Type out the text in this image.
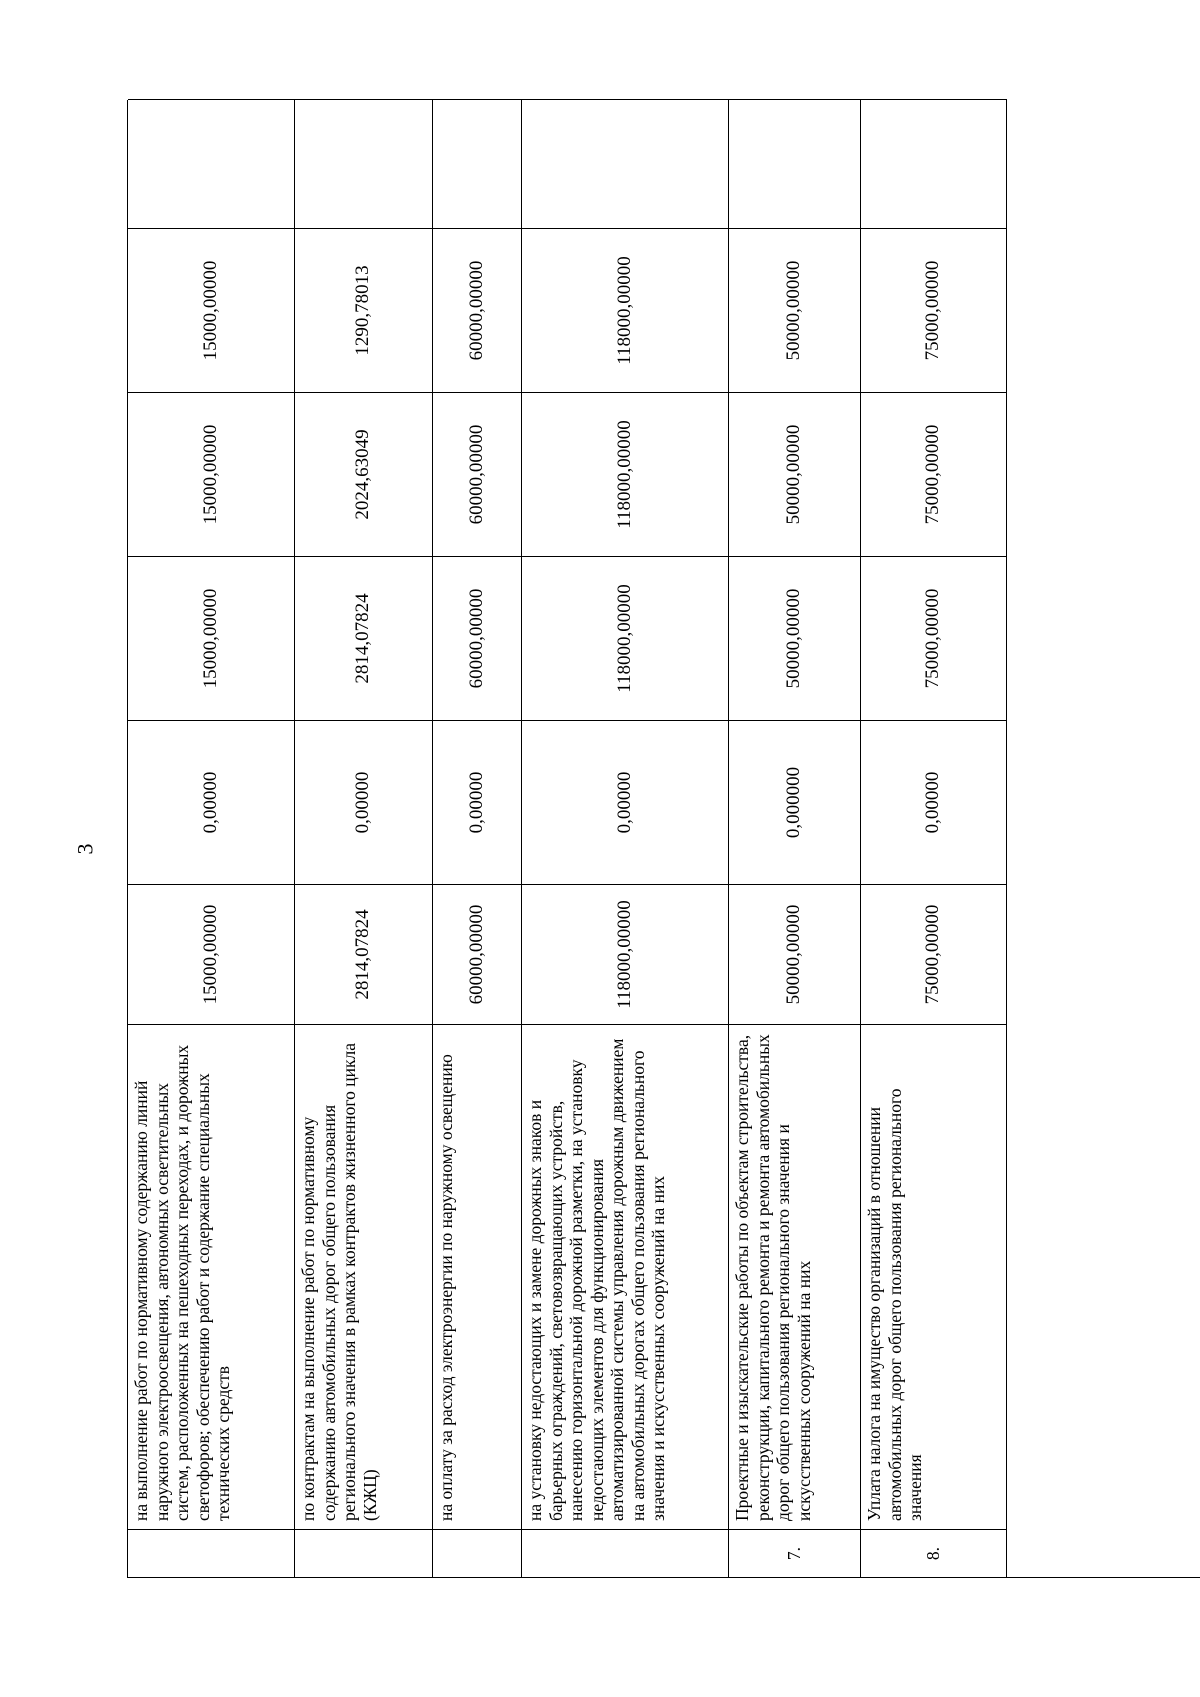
3
на выполнение работ по нормативному содержанию линий наружного электроосвещения, автономных осветительных систем, расположенных на пешеходных переходах, и дорожных светофоров; обеспечению работ и содержание специальных технических средств
15000,00000
0,00000
15000,00000
15000,00000
15000,00000
по контрактам на выполнение работ по нормативному содержанию автомобильных дорог общего пользования регионального значения в рамках контрактов жизненного цикла (КЖЦ)
2814,07824
0,00000
2814,07824
2024,63049
1290,78013
на оплату за расход электроэнергии по наружному освещению
60000,00000
0,00000
60000,00000
60000,00000
60000,00000
на установку недостающих и замене дорожных знаков и барьерных ограждений, световозвращающих устройств, нанесению горизонтальной дорожной разметки, на установку недостающих элементов для функционирования автоматизированной системы управления дорожным движением на автомобильных дорогах общего пользования регионального значения и искусственных сооружений на них
118000,00000
0,00000
118000,00000
118000,00000
118000,00000
7.
Проектные и изыскательские работы по объектам строительства, реконструкции, капитального ремонта и ремонта автомобильных дорог общего пользования регионального значения и искусственных сооружений на них
50000,00000
0,000000
50000,00000
50000,00000
50000,00000
8.
Уплата налога на имущество организаций в отношении автомобильных дорог общего пользования регионального значения
75000,00000
0,00000
75000,00000
75000,00000
75000,00000
